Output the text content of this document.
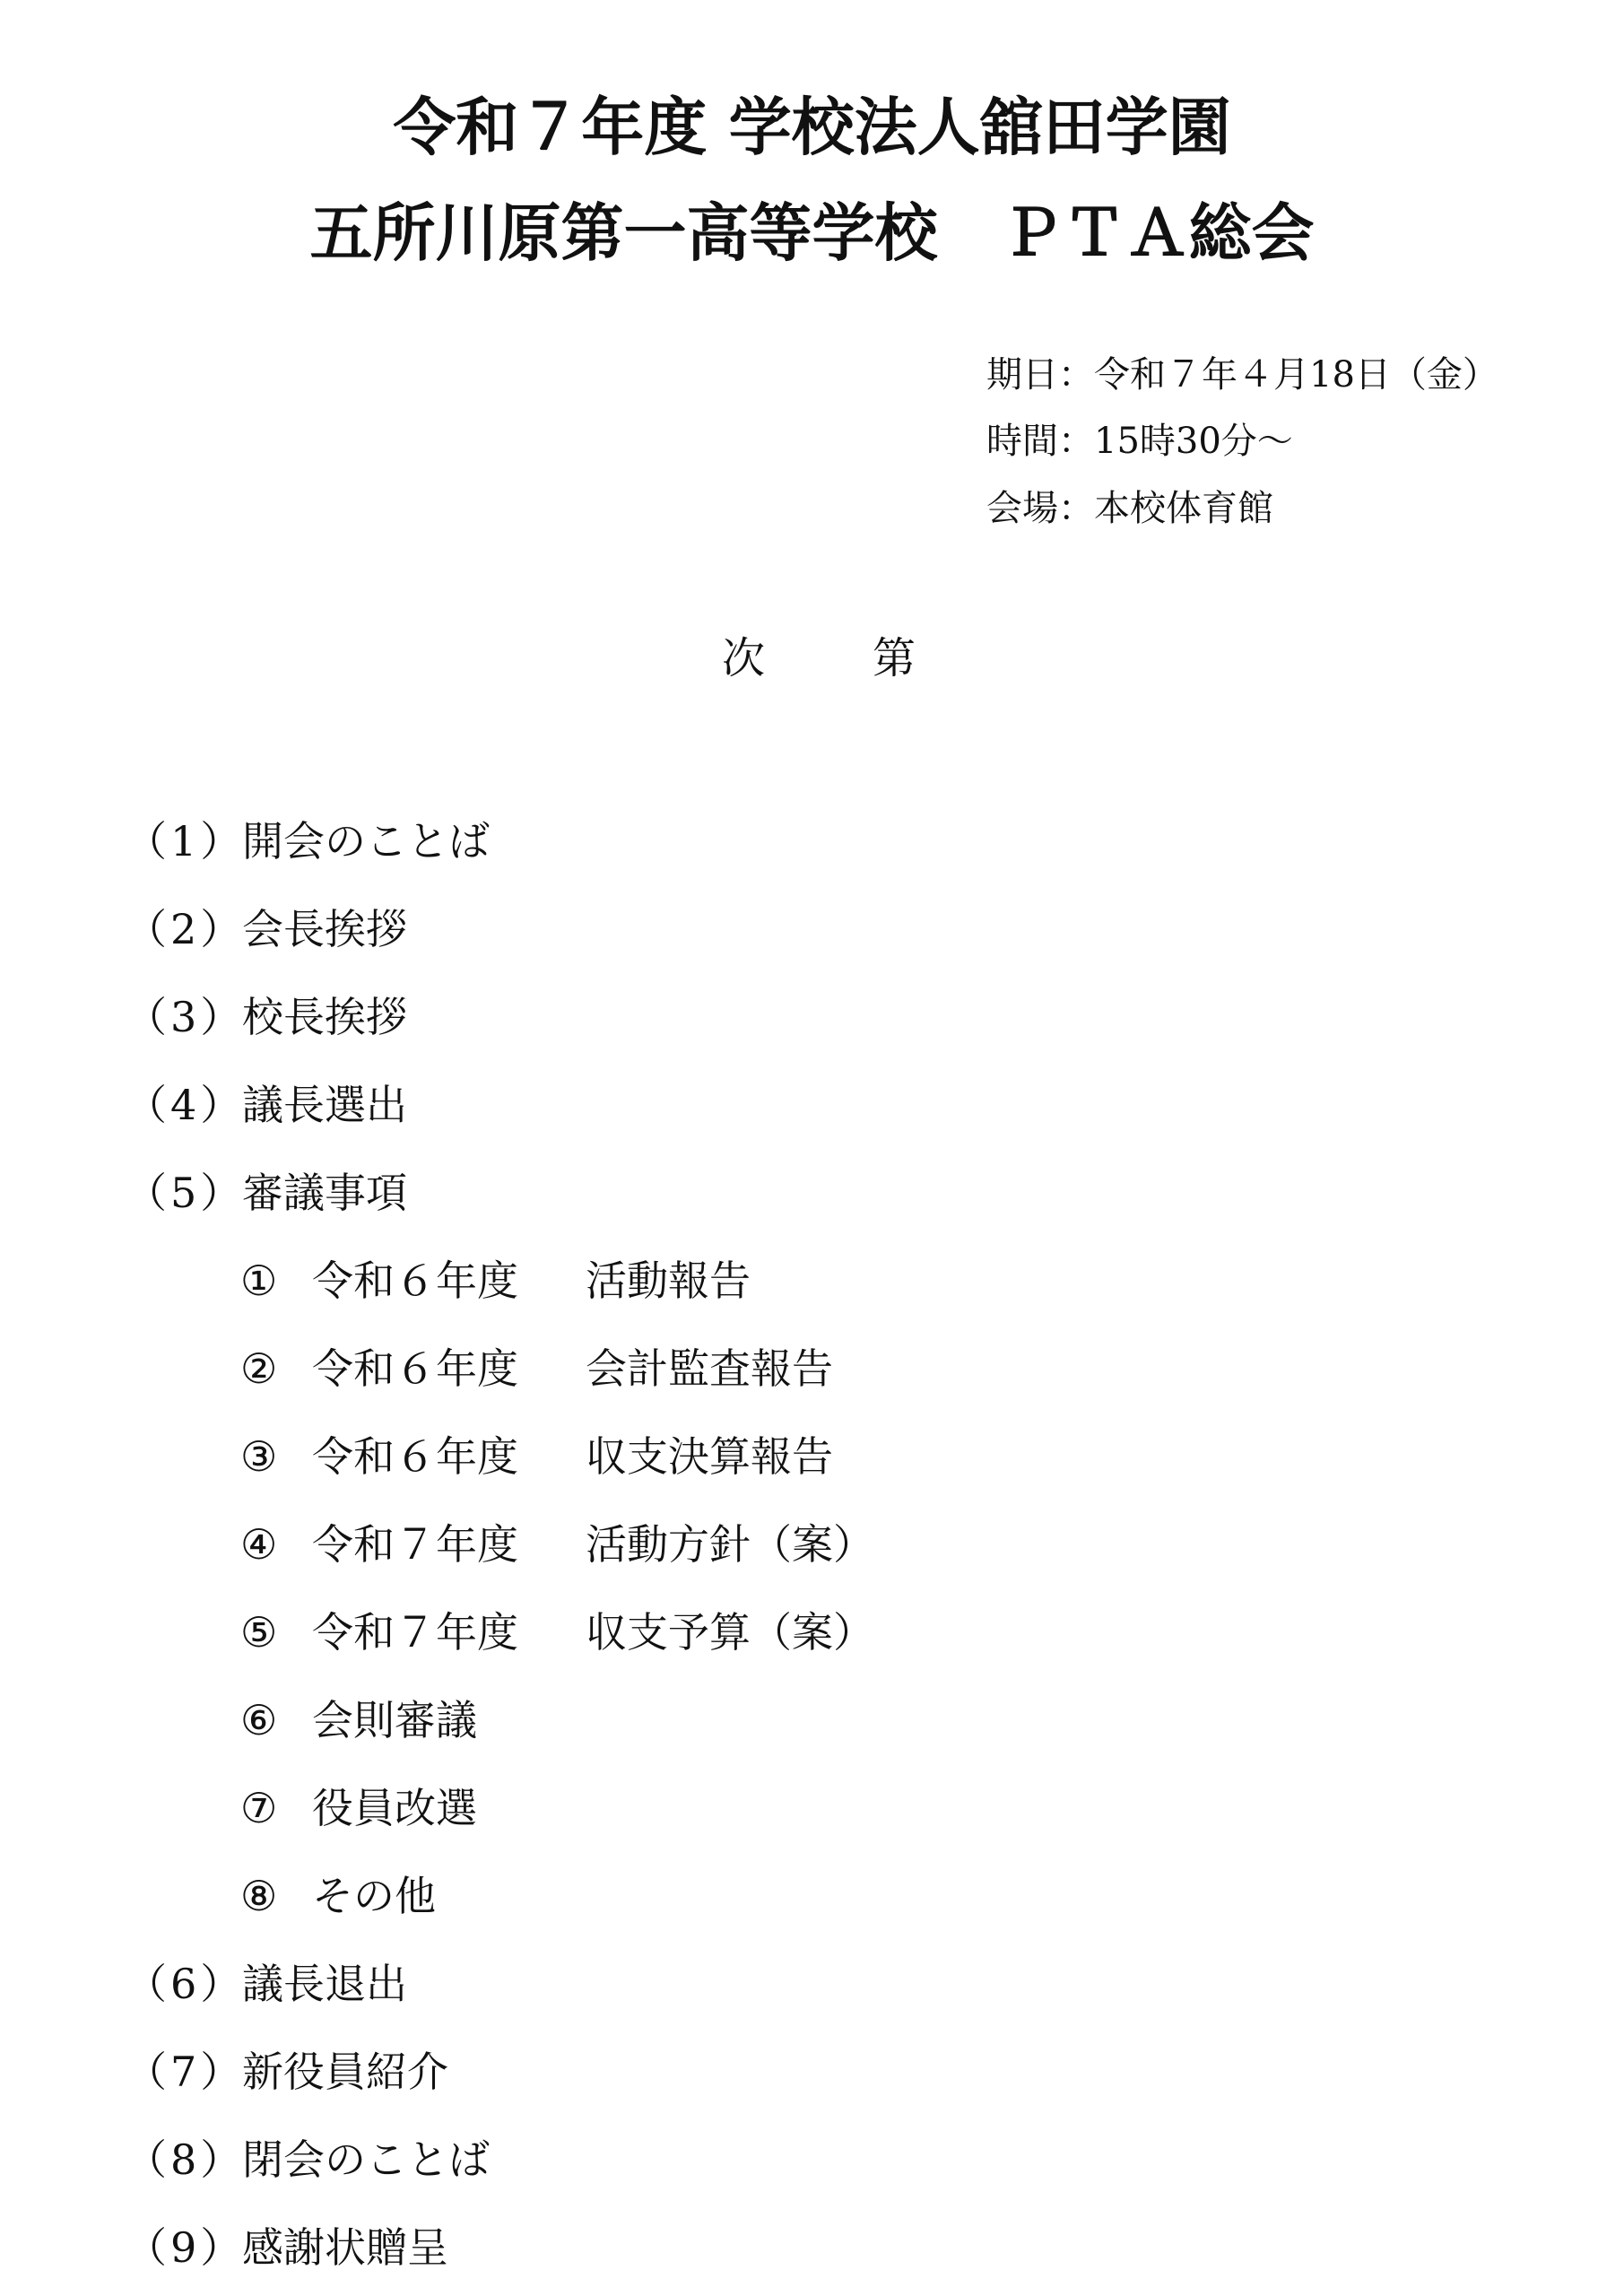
令和７年度 学校法人舘田学園
五所川原第一高等学校　ＰＴＡ総会
期日：令和７年４月18日（金）
時間：15時30分～
会場：本校体育館
次	第
（1）開会のことば
（2）会長挨拶
（3）校長挨拶
（4）議長選出
（5）審議事項
① 令和６年度 活動報告
② 令和６年度 会計監査報告
③ 令和６年度 収支決算報告
④ 令和７年度 活動方針（案）
⑤ 令和７年度 収支予算（案）
⑥ 会則審議
⑦ 役員改選
⑧ その他
（6）議長退出
（7）新役員紹介
（8）閉会のことば
（9）感謝状贈呈
